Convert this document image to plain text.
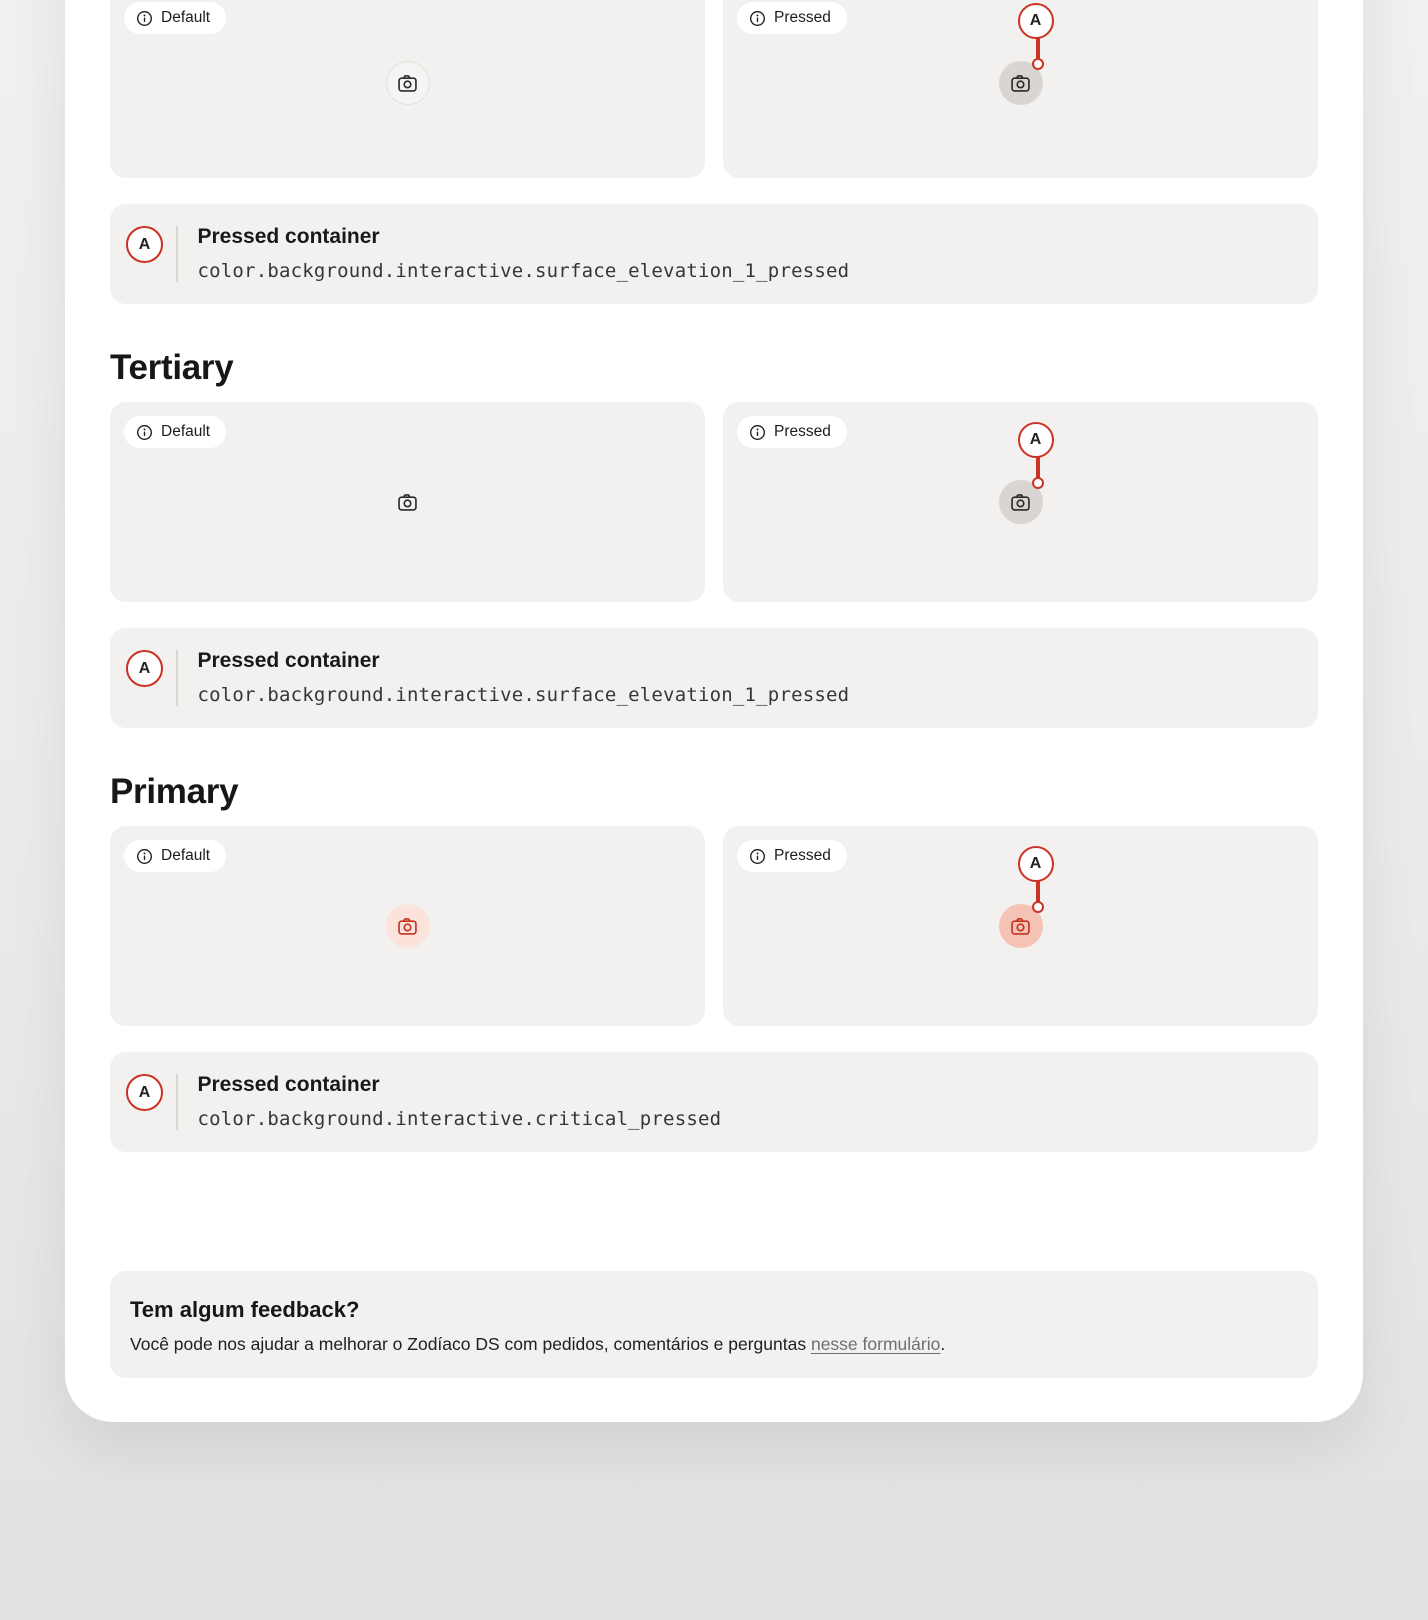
Default	Pressed	A
A	Pressed container
color.background.interactive.surface_elevation_1_pressed
Tertiary
Default	Pressed	A
A	Pressed container
color.background.interactive.surface_elevation_1_pressed
Primary
Default	Pressed	A
A	Pressed container
color.background.interactive.critical_pressed
Tem algum feedback?
Você pode nos ajudar a melhorar o Zodíaco DS com pedidos, comentários e perguntas nesse formulário.
